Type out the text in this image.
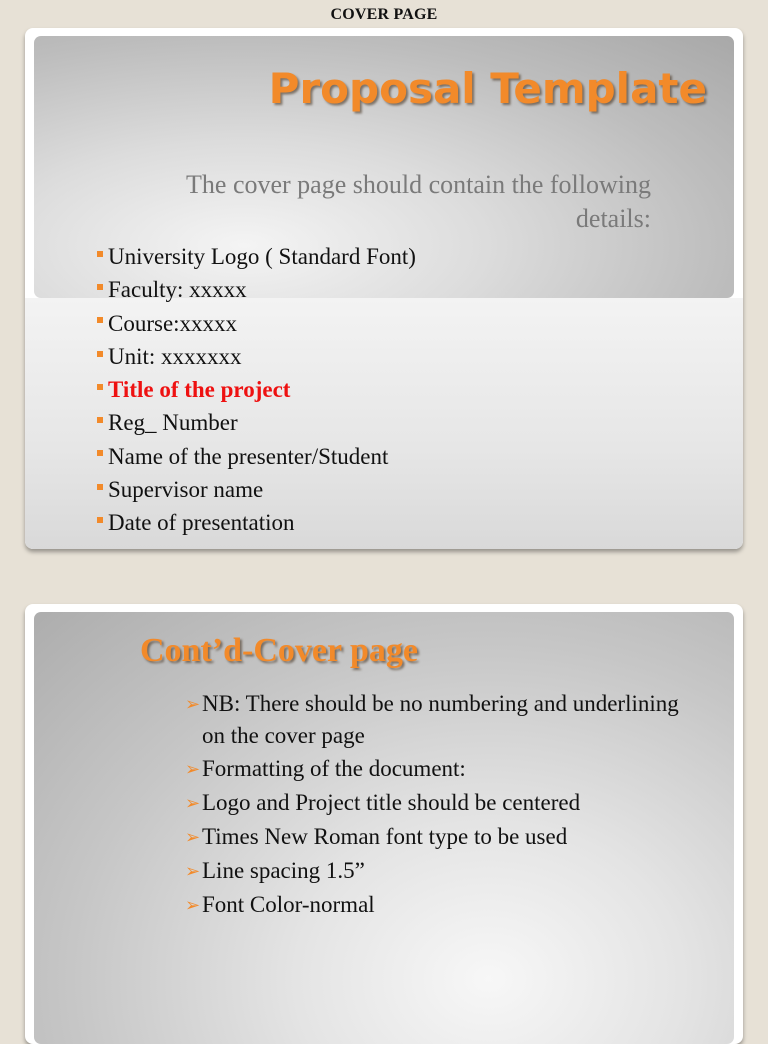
COVER PAGE
Proposal Template
The cover page should contain the following details:
University Logo ( Standard Font)
Faculty: xxxxx
Course:xxxxx
Unit: xxxxxxx
Title of the project
Reg_ Number
Name of the presenter/Student
Supervisor name
Date of presentation
Cont’d-Cover page
➢NB: There should be no numbering and underlining on the cover page
➢Formatting of the document:
➢Logo and Project title should be centered
➢Times New Roman font type to be used
➢Line spacing 1.5”
➢Font Color-normal
